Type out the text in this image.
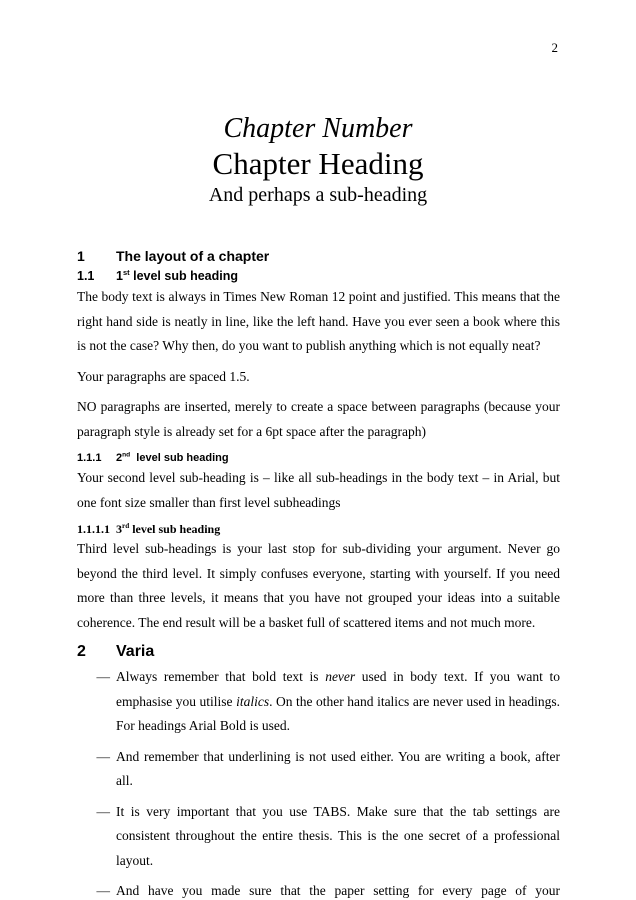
2
Chapter Number
Chapter Heading
And perhaps a sub-heading
1	The layout of a chapter
1.1	1st level sub heading

The body text is always in Times New Roman 12 point and justified. This means that the right hand side is neatly in line, like the left hand. Have you ever seen a book where this is not the case? Why then, do you want to publish anything which is not equally neat?

Your paragraphs are spaced 1.5.

NO paragraphs are inserted, merely to create a space between paragraphs (because your paragraph style is already set for a 6pt space after the paragraph)

1.1.1	2nd  level sub heading

Your second level sub-heading is – like all sub-headings in the body text – in Arial, but one font size smaller than first level subheadings

1.1.1.1 3rd level sub heading

Third level sub-headings is your last stop for sub-dividing your argument. Never go beyond the third level. It simply confuses everyone, starting with yourself. If you need more than three levels, it means that you have not grouped your ideas into a suitable coherence. The end result will be a basket full of scattered items and not much more.

2	Varia
— Always remember that bold text is never used in body text. If you want to emphasise you utilise italics. On the other hand italics are never used in headings. For headings Arial Bold is used.
— And remember that underlining is not used either. You are writing a book, after all.
— It is very important that you use TABS. Make sure that the tab settings are consistent throughout the entire thesis. This is the one secret of a professional layout.
— And have you made sure that the paper setting for every page of your
